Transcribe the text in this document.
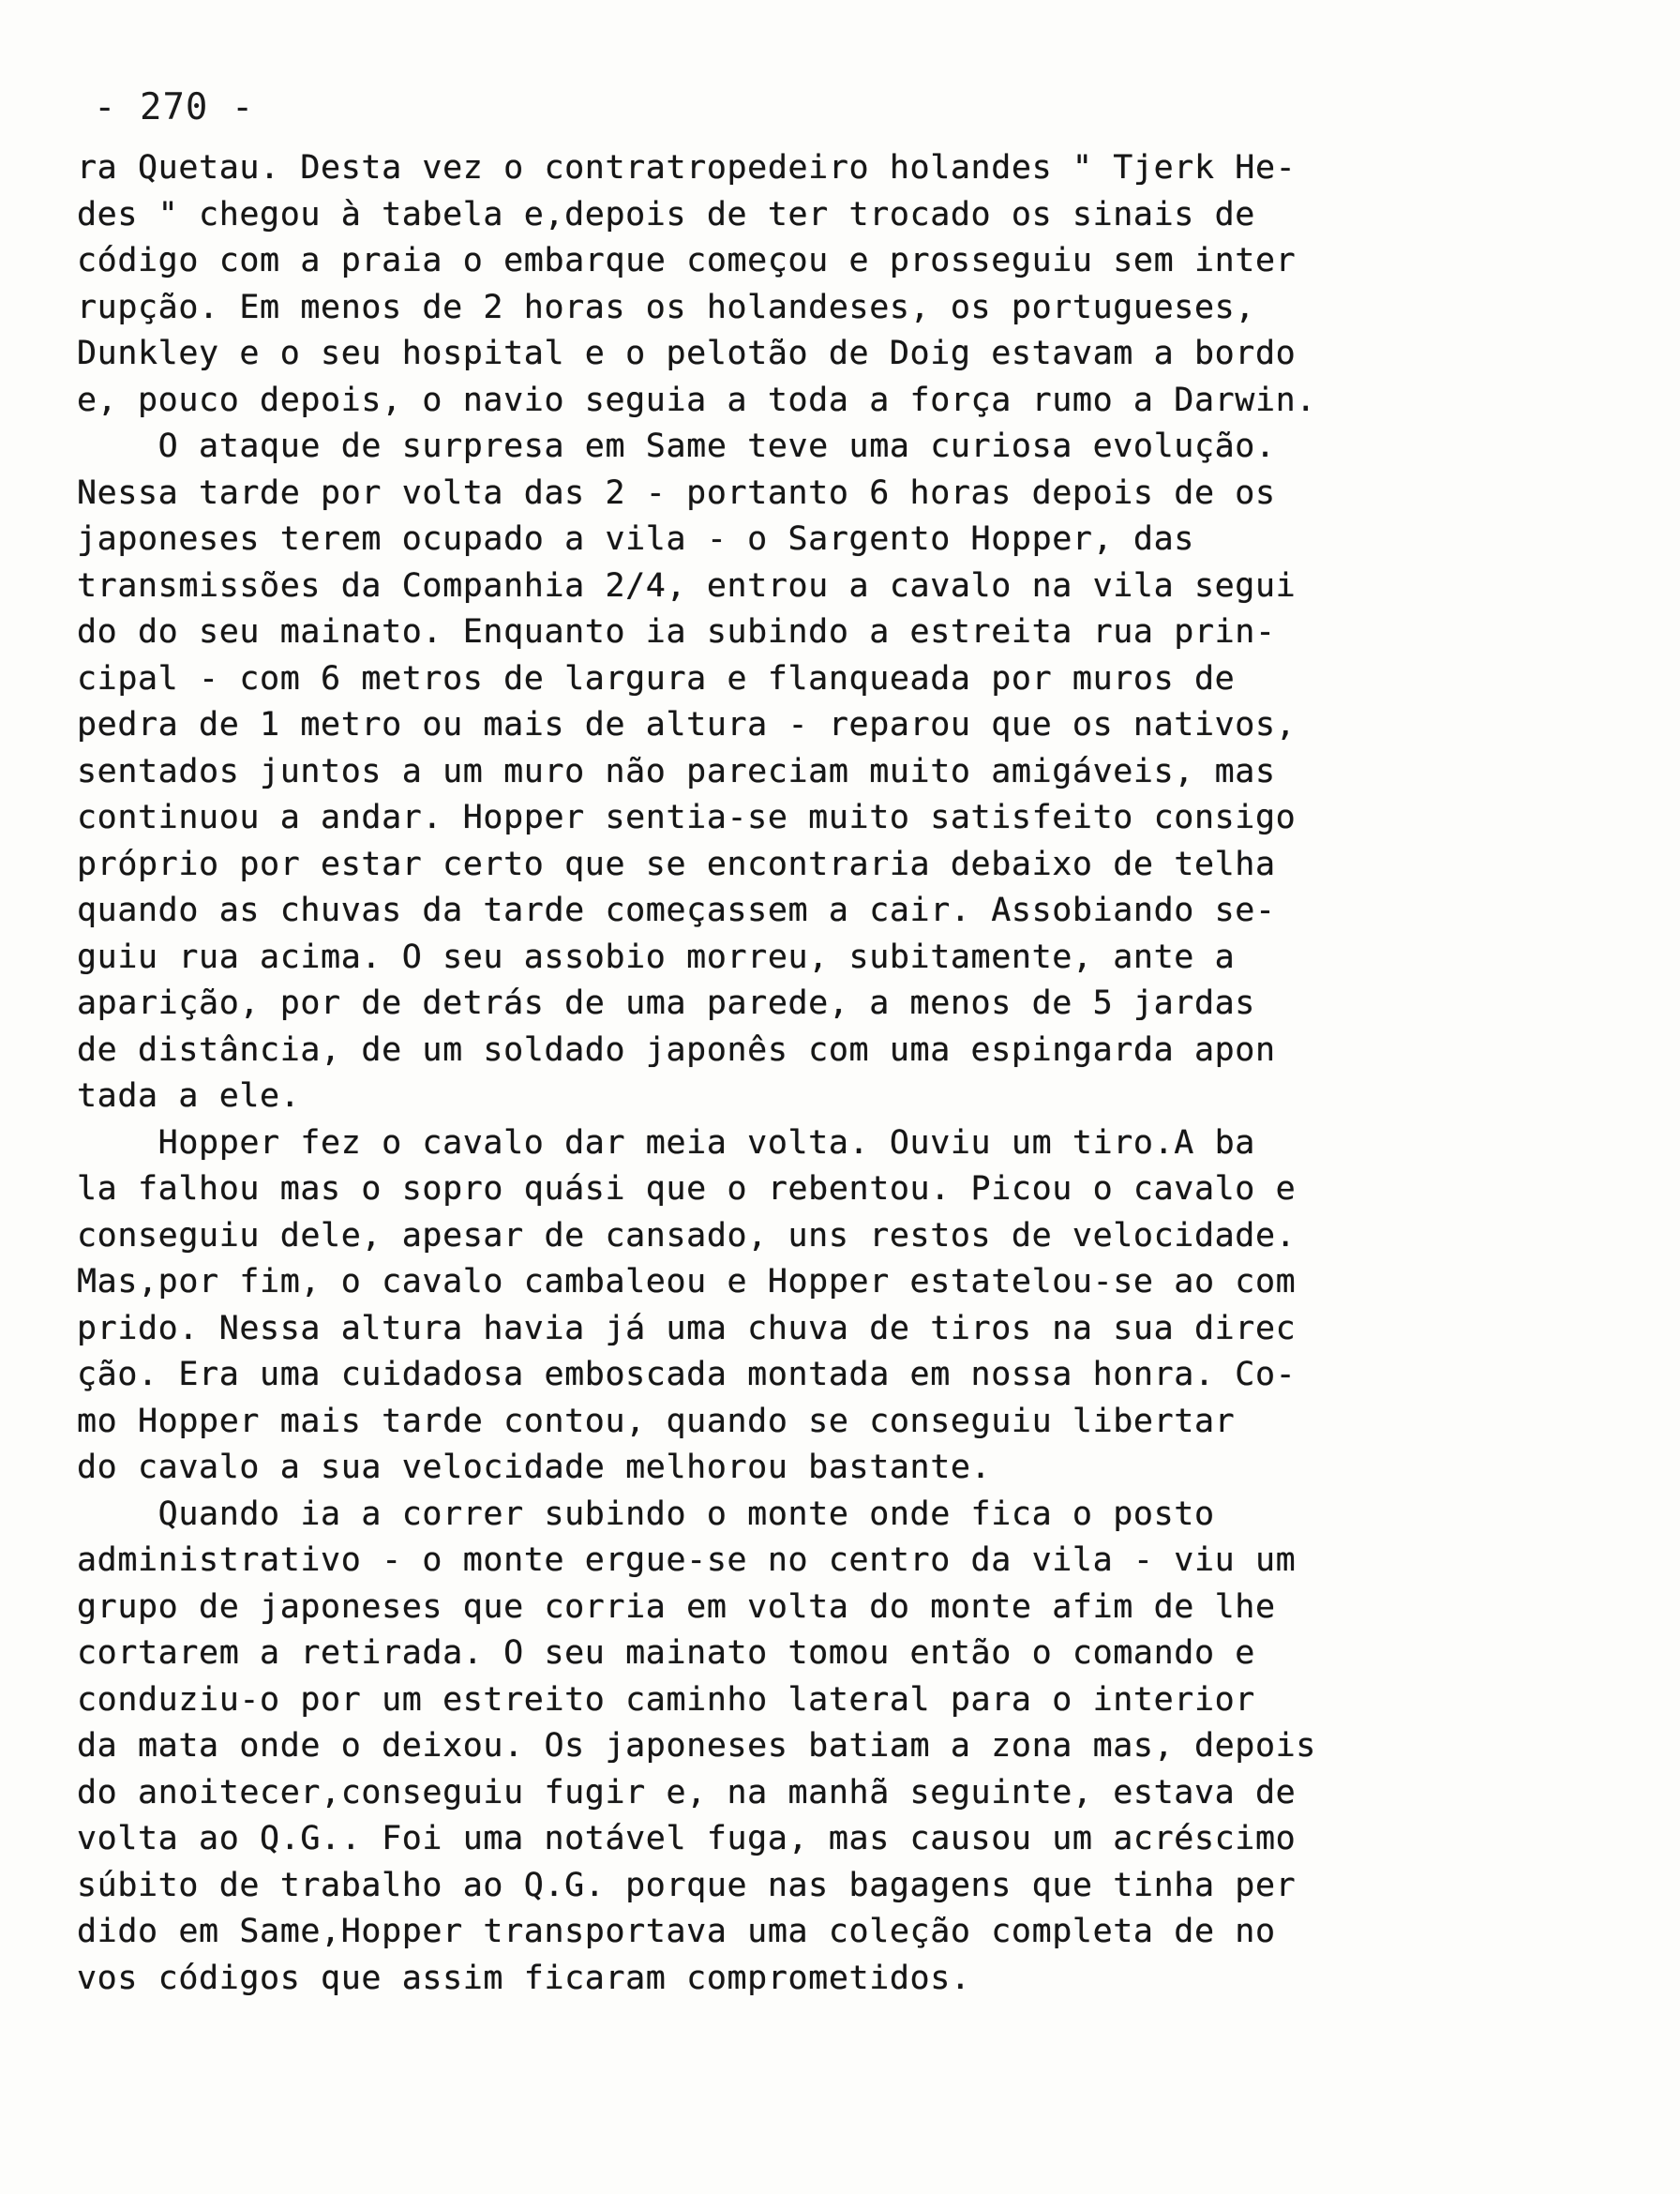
- 270 -
ra Quetau. Desta vez o contratropedeiro holandes " Tjerk He-
des " chegou à tabela e,depois de ter trocado os sinais de
código com a praia o embarque começou e prosseguiu sem inter
rupção. Em menos de 2 horas os holandeses, os portugueses,
Dunkley e o seu hospital e o pelotão de Doig estavam a bordo
e, pouco depois, o navio seguia a toda a força rumo a Darwin.
O ataque de surpresa em Same teve uma curiosa evolução.
Nessa tarde por volta das 2 - portanto 6 horas depois de os
japoneses terem ocupado a vila - o Sargento Hopper, das
transmissões da Companhia 2/4, entrou a cavalo na vila segui
do do seu mainato. Enquanto ia subindo a estreita rua prin-
cipal - com 6 metros de largura e flanqueada por muros de
pedra de 1 metro ou mais de altura - reparou que os nativos,
sentados juntos a um muro não pareciam muito amigáveis, mas
continuou a andar. Hopper sentia-se muito satisfeito consigo
próprio por estar certo que se encontraria debaixo de telha
quando as chuvas da tarde começassem a cair. Assobiando se-
guiu rua acima. O seu assobio morreu, subitamente, ante a
aparição, por de detrás de uma parede, a menos de 5 jardas
de distância, de um soldado japonês com uma espingarda apon
tada a ele.
Hopper fez o cavalo dar meia volta. Ouviu um tiro.A ba
la falhou mas o sopro quási que o rebentou. Picou o cavalo e
conseguiu dele, apesar de cansado, uns restos de velocidade.
Mas,por fim, o cavalo cambaleou e Hopper estatelou-se ao com
prido. Nessa altura havia já uma chuva de tiros na sua direc
ção. Era uma cuidadosa emboscada montada em nossa honra. Co-
mo Hopper mais tarde contou, quando se conseguiu libertar
do cavalo a sua velocidade melhorou bastante.
Quando ia a correr subindo o monte onde fica o posto
administrativo - o monte ergue-se no centro da vila - viu um
grupo de japoneses que corria em volta do monte afim de lhe
cortarem a retirada. O seu mainato tomou então o comando e
conduziu-o por um estreito caminho lateral para o interior
da mata onde o deixou. Os japoneses batiam a zona mas, depois
do anoitecer,conseguiu fugir e, na manhã seguinte, estava de
volta ao Q.G.. Foi uma notável fuga, mas causou um acréscimo
súbito de trabalho ao Q.G. porque nas bagagens que tinha per
dido em Same,Hopper transportava uma coleção completa de no
vos códigos que assim ficaram comprometidos.
